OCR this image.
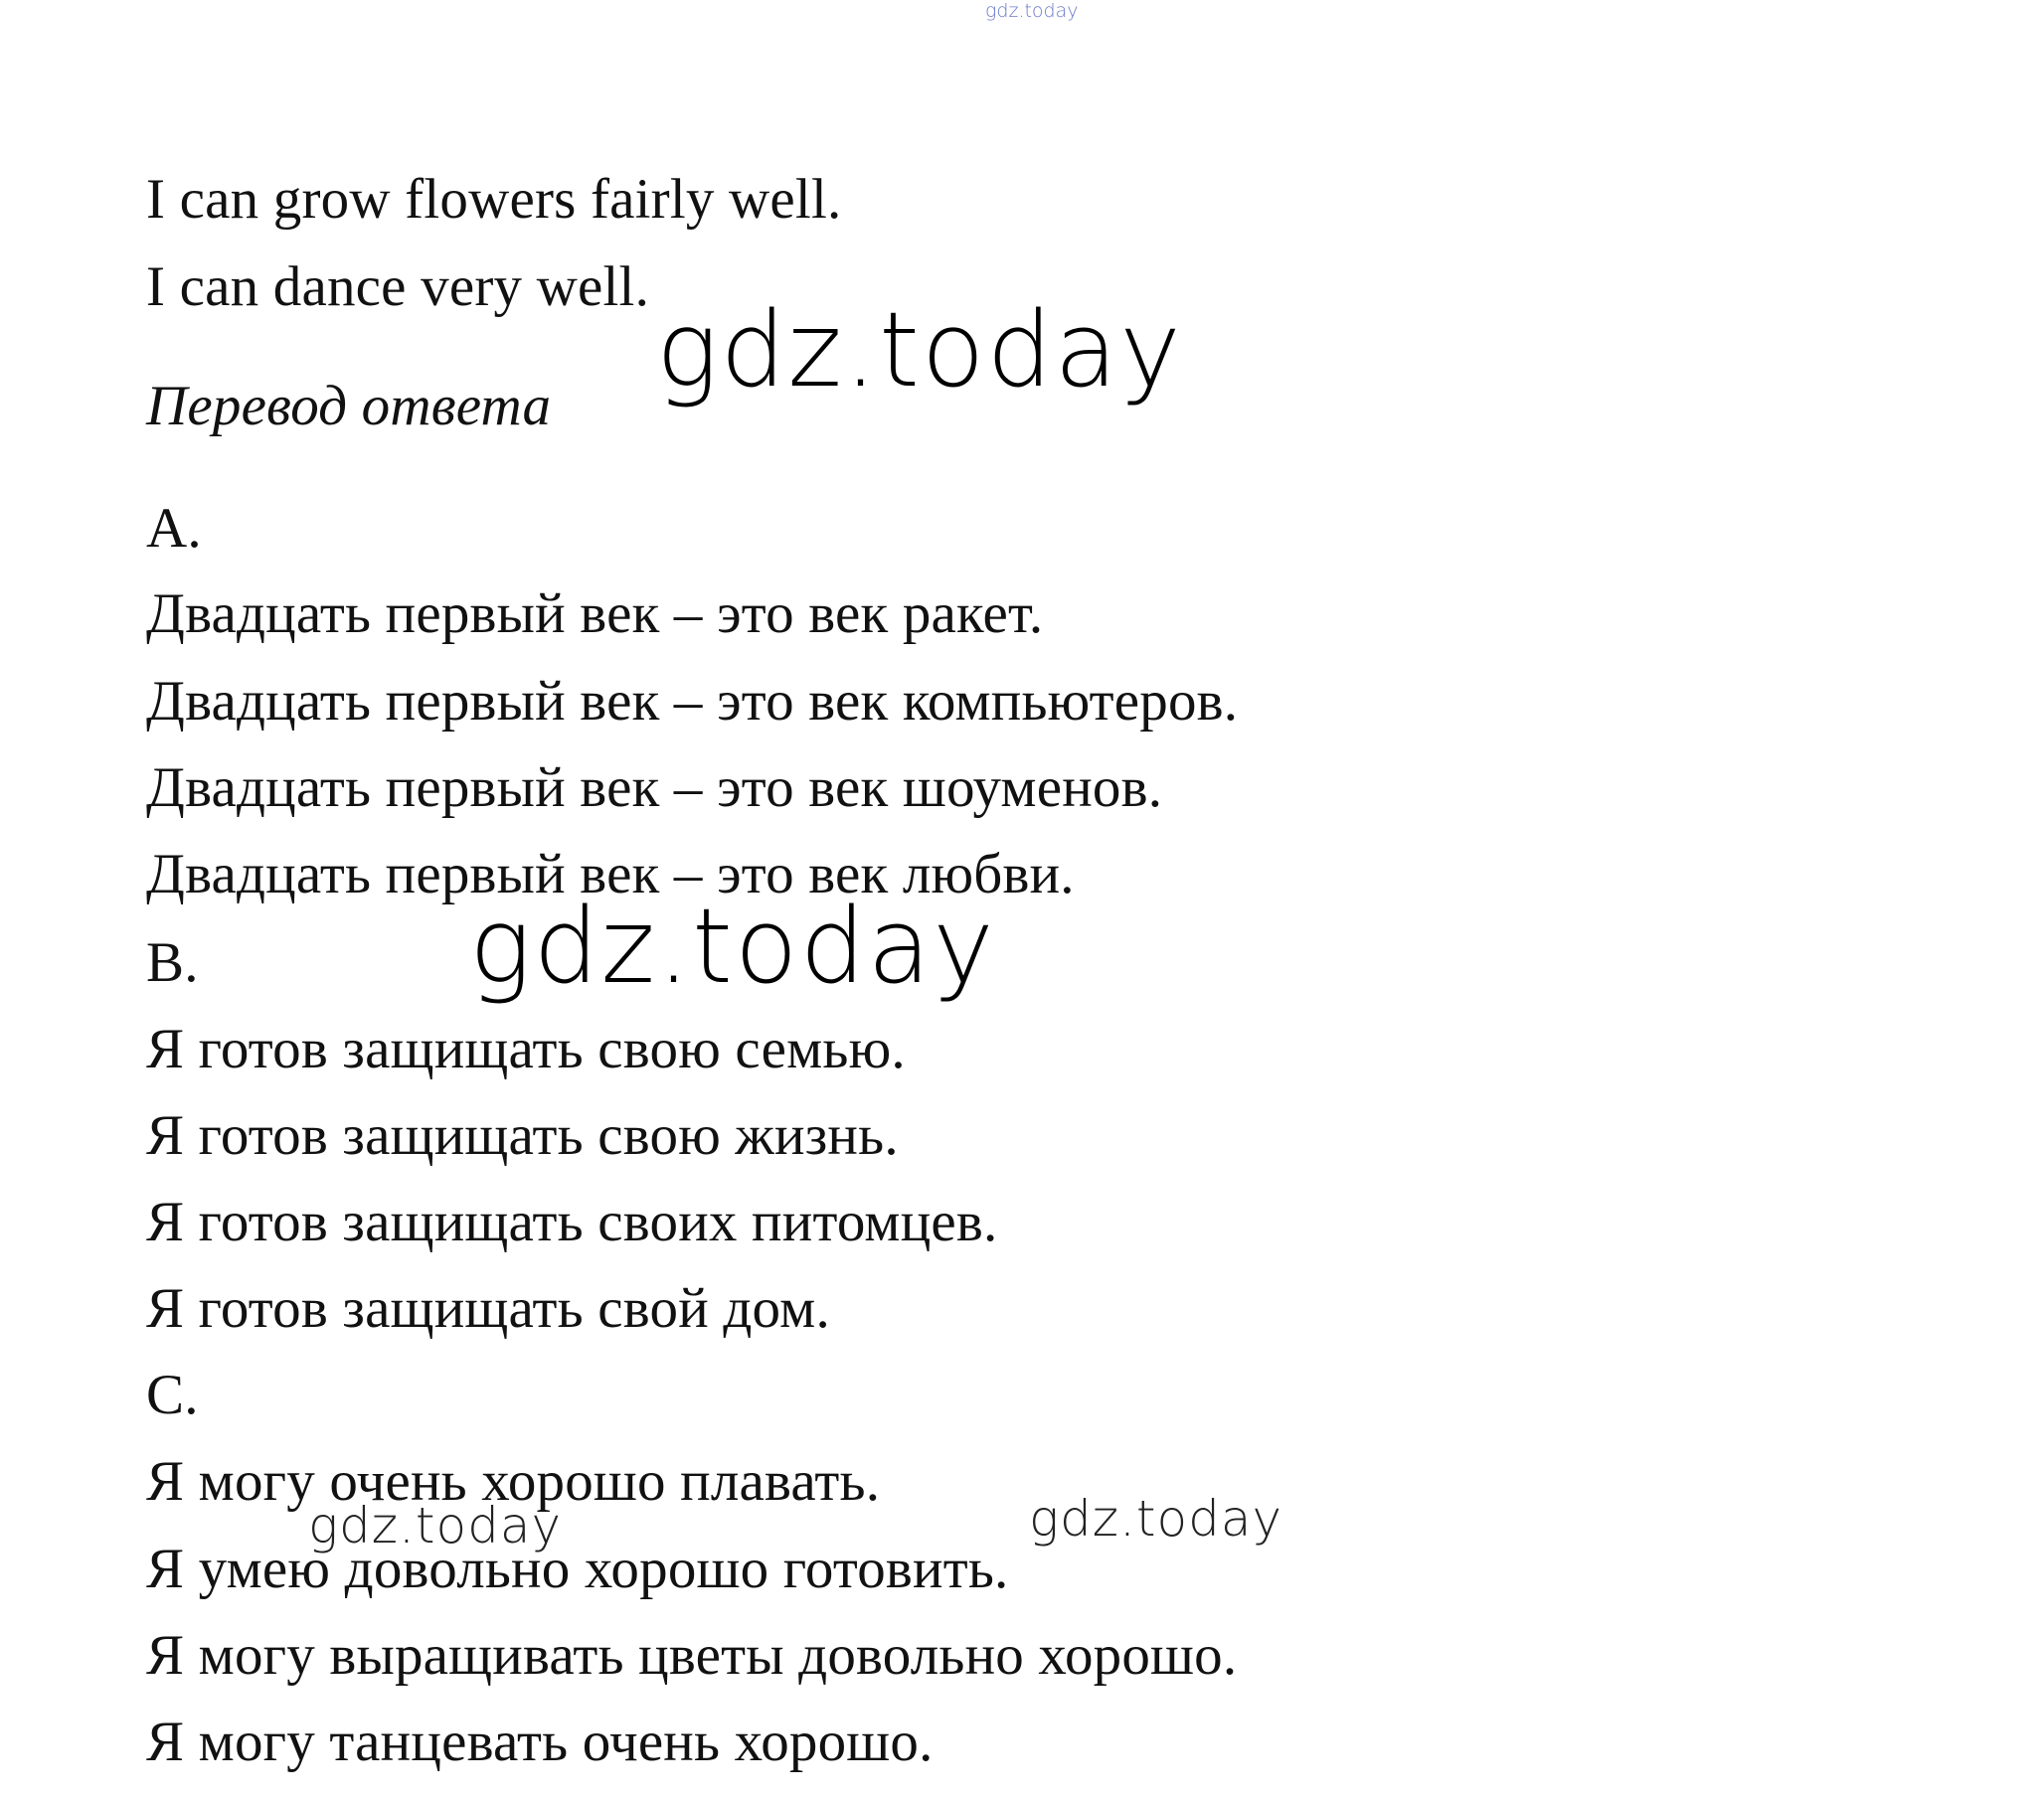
gdz.today
I can grow flowers fairly well.
I can dance very well.
gdz.today
Перевод ответа
A.
Двадцать первый век – это век ракет.
Двадцать первый век – это век компьютеров.
Двадцать первый век – это век шоуменов.
Двадцать первый век – это век любви.
gdz.today
B.
Я готов защищать свою семью.
Я готов защищать свою жизнь.
Я готов защищать своих питомцев.
Я готов защищать свой дом.
C.
Я могу очень хорошо плавать.
gdz.today	gdz.today
Я умею довольно хорошо готовить.
Я могу выращивать цветы довольно хорошо.
Я могу танцевать очень хорошо.
